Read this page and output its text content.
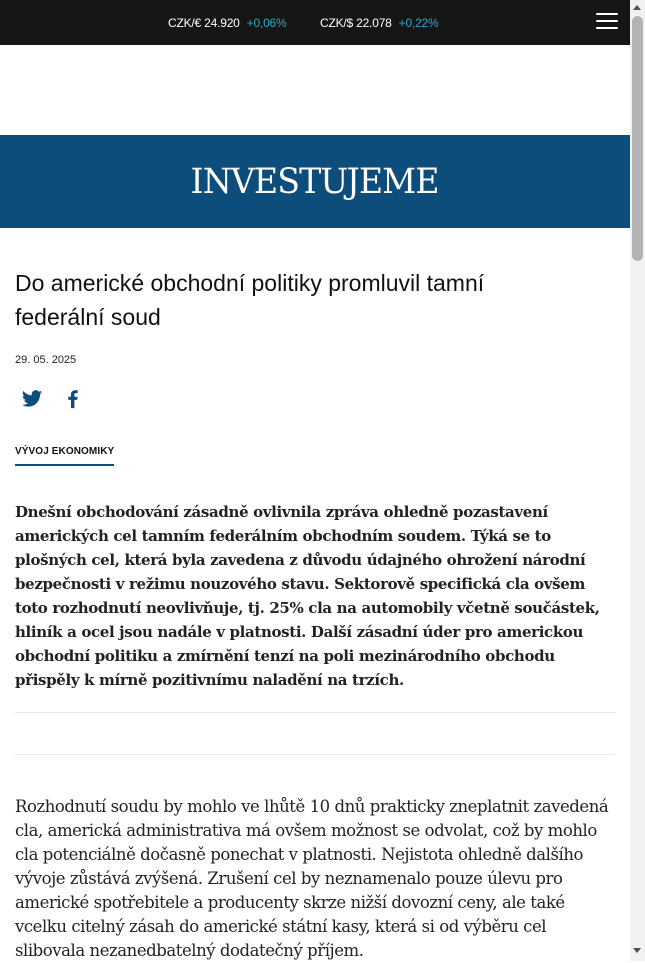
CZK/€ 24.920 +0,06%	CZK/$ 22.078 +0,22%
INVESTUJEME
Do americké obchodní politiky promluvil tamní federální soud
29. 05. 2025
VÝVOJ EKONOMIKY

Dnešní obchodování zásadně ovlivnila zpráva ohledně pozastavení amerických cel tamním federálním obchodním soudem. Týká se to plošných cel, která byla zavedena z důvodu údajného ohrožení národní bezpečnosti v režimu nouzového stavu. Sektorově specifická cla ovšem toto rozhodnutí neovlivňuje, tj. 25% cla na automobily včetně součástek, hliník a ocel jsou nadále v platnosti. Další zásadní úder pro americkou obchodní politiku a zmírnění tenzí na poli mezinárodního obchodu přispěly k mírně pozitivnímu naladění na trzích.

Rozhodnutí soudu by mohlo ve lhůtě 10 dnů prakticky zneplatnit zavedená cla, americká administrativa má ovšem možnost se odvolat, což by mohlo cla potenciálně dočasně ponechat v platnosti. Nejistota ohledně dalšího vývoje zůstává zvýšená. Zrušení cel by neznamenalo pouze úlevu pro americké spotřebitele a producenty skrze nižší dovozní ceny, ale také vcelku citelný zásah do americké státní kasy, která si od výběru cel slibovala nezanedbatelný dodatečný příjem.
